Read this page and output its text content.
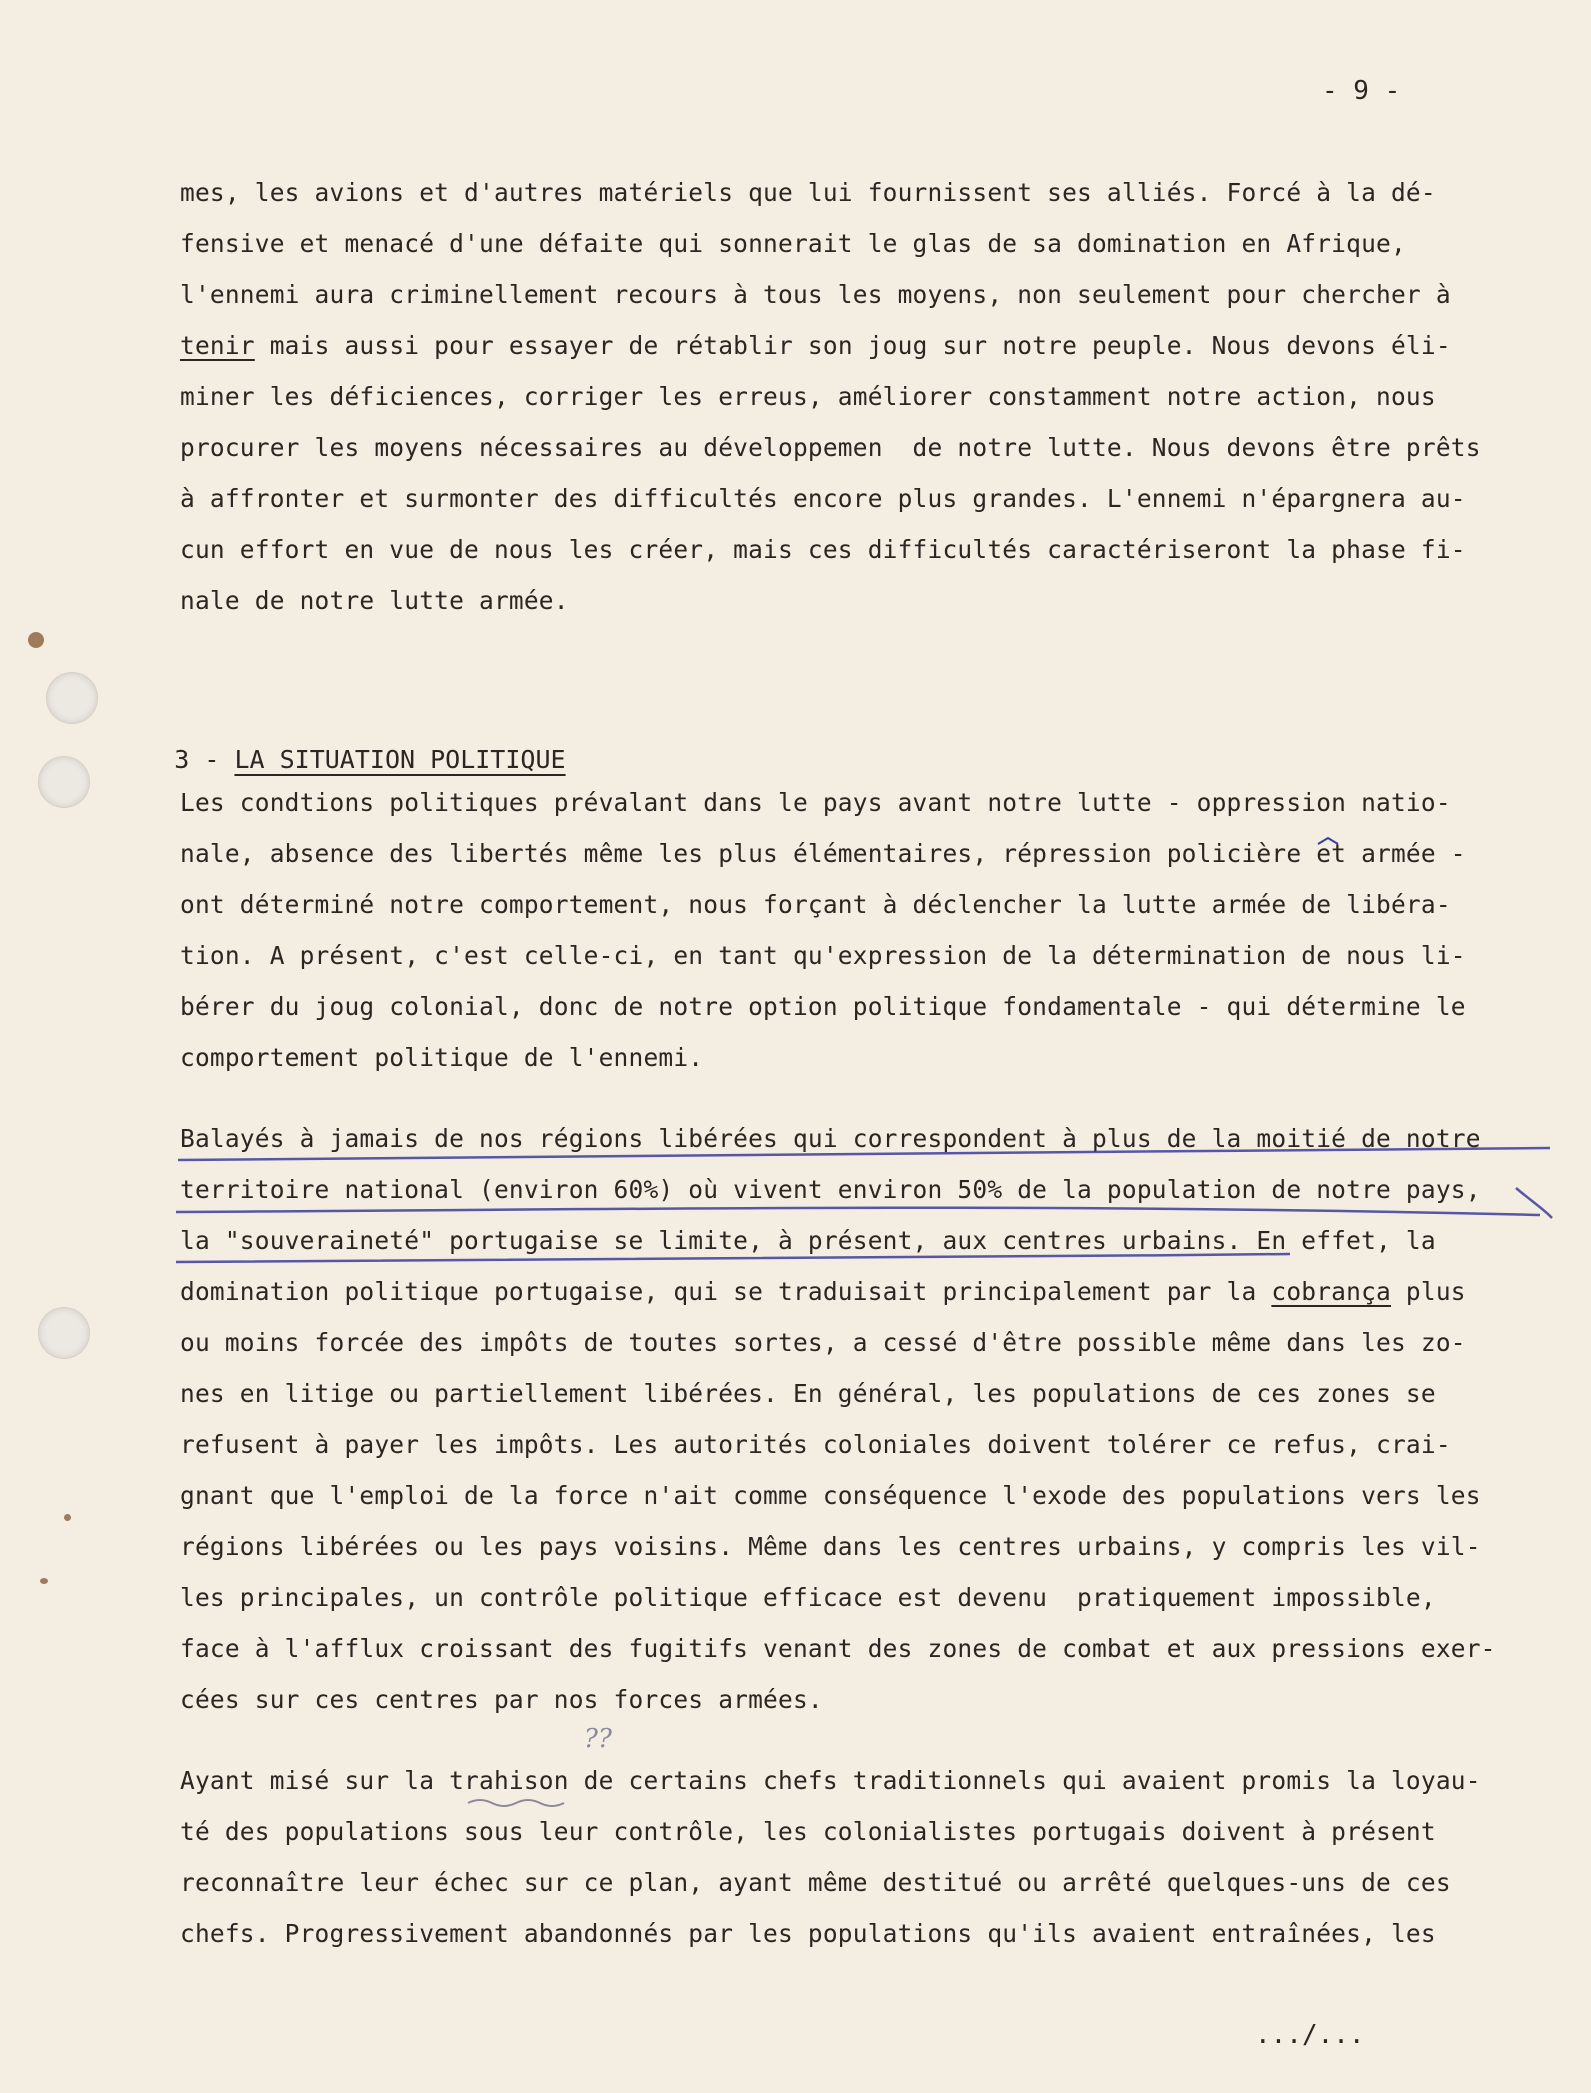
- 9 -
mes, les avions et d'autres matériels que lui fournissent ses alliés. Forcé à la dé-
fensive et menacé d'une défaite qui sonnerait le glas de sa domination en Afrique,
l'ennemi aura criminellement recours à tous les moyens, non seulement pour chercher à
tenir mais aussi pour essayer de rétablir son joug sur notre peuple. Nous devons éli-
miner les déficiences, corriger les erreus, améliorer constamment notre action, nous
procurer les moyens nécessaires au développemen  de notre lutte. Nous devons être prêts
à affronter et surmonter des difficultés encore plus grandes. L'ennemi n'épargnera au-
cun effort en vue de nous les créer, mais ces difficultés caractériseront la phase fi-
nale de notre lutte armée.

3 - LA SITUATION POLITIQUE

Les condtions politiques prévalant dans le pays avant notre lutte - oppression natio-
nale, absence des libertés même les plus élémentaires, répression policière et armée -
ont déterminé notre comportement, nous forçant à déclencher la lutte armée de libéra-
tion. A présent, c'est celle-ci, en tant qu'expression de la détermination de nous li-
bérer du joug colonial, donc de notre option politique fondamentale - qui détermine le
comportement politique de l'ennemi.
Balayés à jamais de nos régions libérées qui correspondent à plus de la moitié de notre
territoire national (environ 60%) où vivent environ 50% de la population de notre pays,
la "souveraineté" portugaise se limite, à présent, aux centres urbains. En effet, la
domination politique portugaise, qui se traduisait principalement par la cobrança plus
ou moins forcée des impôts de toutes sortes, a cessé d'être possible même dans les zo-
nes en litige ou partiellement libérées. En général, les populations de ces zones se
refusent à payer les impôts. Les autorités coloniales doivent tolérer ce refus, crai-
gnant que l'emploi de la force n'ait comme conséquence l'exode des populations vers les
régions libérées ou les pays voisins. Même dans les centres urbains, y compris les vil-
les principales, un contrôle politique efficace est devenu  pratiquement impossible,
face à l'afflux croissant des fugitifs venant des zones de combat et aux pressions exer-
cées sur ces centres par nos forces armées.
Ayant misé sur la trahison de certains chefs traditionnels qui avaient promis la loyau-
té des populations sous leur contrôle, les colonialistes portugais doivent à présent
reconnaître leur échec sur ce plan, ayant même destitué ou arrêté quelques-uns de ces
chefs. Progressivement abandonnés par les populations qu'ils avaient entraînées, les
.../...
??
